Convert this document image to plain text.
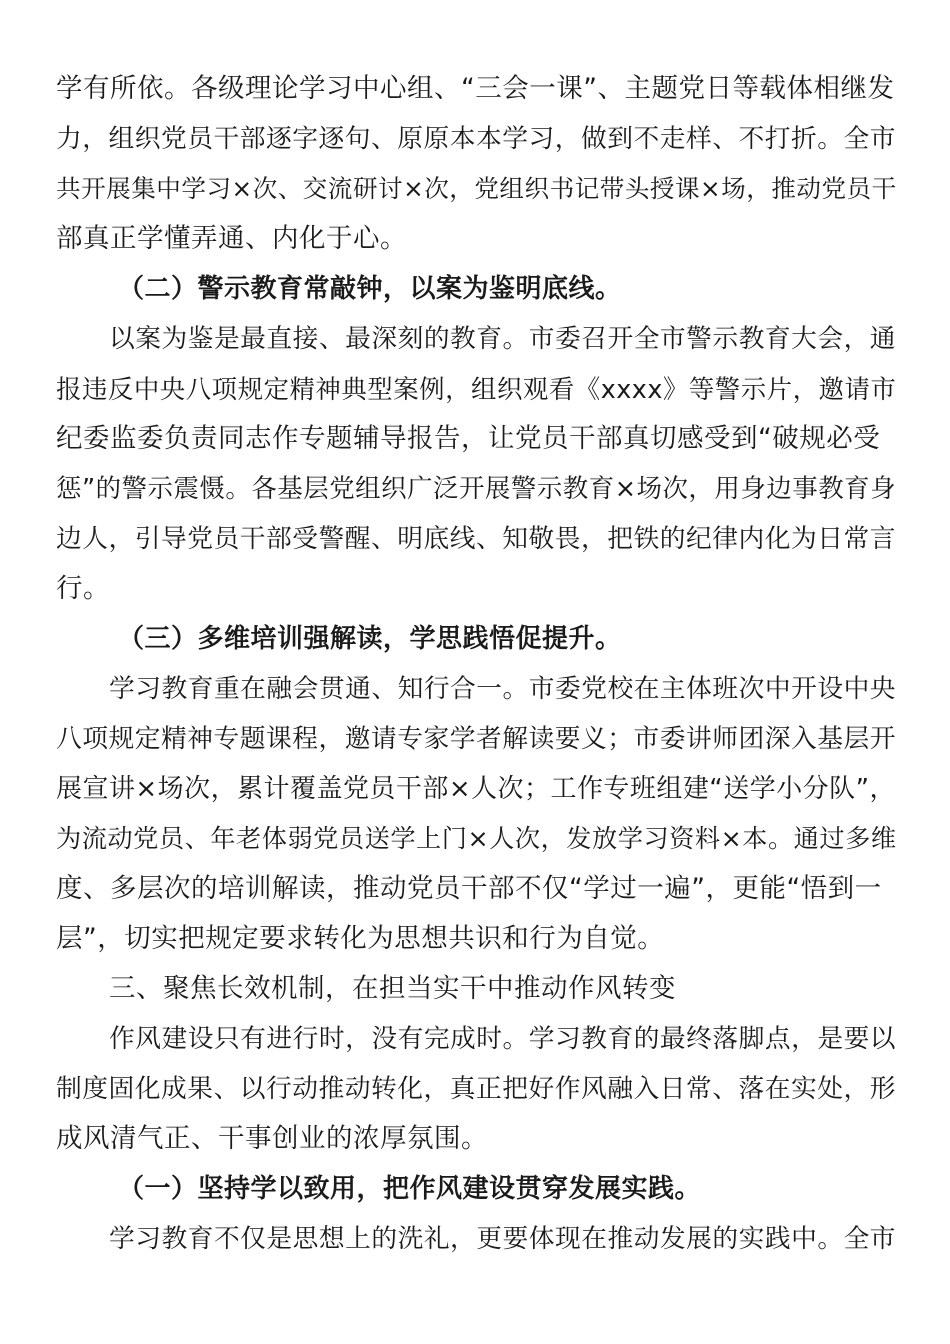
学有所依。各级理论学习中心组、“三会一课”、主题党日等载体相继发
力，组织党员干部逐字逐句、原原本本学习，做到不走样、不打折。全市
共开展集中学习×次、交流研讨×次，党组织书记带头授课×场，推动党员干
部真正学懂弄通、内化于心。
（二）警示教育常敲钟，以案为鉴明底线。
以案为鉴是最直接、最深刻的教育。市委召开全市警示教育大会，通
报违反中央八项规定精神典型案例，组织观看《xxxx》等警示片，邀请市
纪委监委负责同志作专题辅导报告，让党员干部真切感受到“破规必受
惩”的警示震慑。各基层党组织广泛开展警示教育×场次，用身边事教育身
边人，引导党员干部受警醒、明底线、知敬畏，把铁的纪律内化为日常言
行。
（三）多维培训强解读，学思践悟促提升。
学习教育重在融会贯通、知行合一。市委党校在主体班次中开设中央
八项规定精神专题课程，邀请专家学者解读要义；市委讲师团深入基层开
展宣讲×场次，累计覆盖党员干部×人次；工作专班组建“送学小分队”，
为流动党员、年老体弱党员送学上门×人次，发放学习资料×本。通过多维
度、多层次的培训解读，推动党员干部不仅“学过一遍”，更能“悟到一
层”，切实把规定要求转化为思想共识和行为自觉。
三、聚焦长效机制，在担当实干中推动作风转变
作风建设只有进行时，没有完成时。学习教育的最终落脚点，是要以
制度固化成果、以行动推动转化，真正把好作风融入日常、落在实处，形
成风清气正、干事创业的浓厚氛围。
（一）坚持学以致用，把作风建设贯穿发展实践。
学习教育不仅是思想上的洗礼，更要体现在推动发展的实践中。全市
